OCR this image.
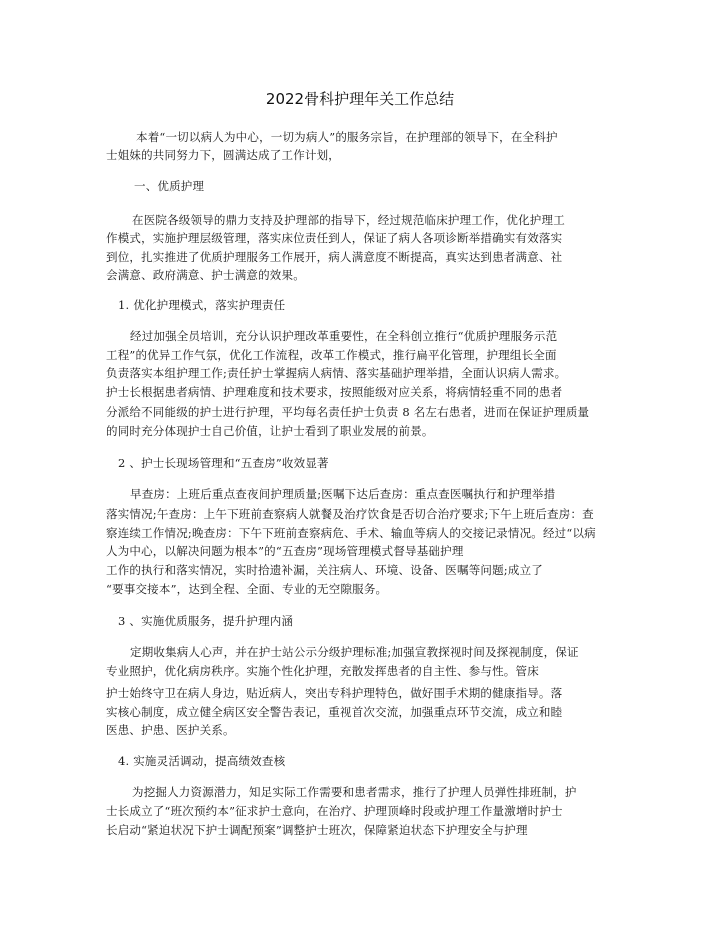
2022骨科护理年关工作总结
本着“一切以病人为中心，一切为病人”的服务宗旨，在护理部的领导下，在全科护
士姐妹的共同努力下，圆满达成了工作计划，
一、优质护理
在医院各级领导的鼎力支持及护理部的指导下，经过规范临床护理工作，优化护理工
作模式，实施护理层级管理，落实床位责任到人，保证了病人各项诊断举措确实有效落实
到位，扎实推进了优质护理服务工作展开，病人满意度不断提高，真实达到患者满意、社
会满意、政府满意、护士满意的效果。
1. 优化护理模式，落实护理责任
经过加强全员培训，充分认识护理改革重要性，在全科创立推行“优质护理服务示范
工程”的优异工作气氛，优化工作流程，改革工作模式，推行扁平化管理，护理组长全面
负责落实本组护理工作;责任护士掌握病人病情、落实基础护理举措，全面认识病人需求。
护士长根据患者病情、护理难度和技术要求，按照能级对应关系，将病情轻重不同的患者
分派给不同能级的护士进行护理，平均每名责任护士负责 8 名左右患者，进而在保证护理质量
的同时充分体现护士自己价值，让护士看到了职业发展的前景。
2 、护士长现场管理和“五查房”收效显著
早查房：上班后重点查夜间护理质量;医嘱下达后查房：重点查医嘱执行和护理举措
落实情况;午查房：上午下班前查察病人就餐及治疗饮食是否切合治疗要求;下午上班后查房：查
察连续工作情况;晚查房：下午下班前查察病危、手术、输血等病人的交接记录情况。经过“以病
人为中心，以解决问题为根本”的“五查房”现场管理模式督导基础护理
工作的执行和落实情况，实时拾遗补漏，关注病人、环境、设备、医嘱等问题;成立了
“要事交接本”，达到全程、全面、专业的无空隙服务。
3 、实施优质服务，提升护理内涵
定期收集病人心声，并在护士站公示分级护理标准;加强宣教探视时间及探视制度，保证
专业照护，优化病房秩序。实施个性化护理，充散发挥患者的自主性、参与性。管床
护士始终守卫在病人身边，贴近病人，突出专科护理特色，做好围手术期的健康指导。落
实核心制度，成立健全病区安全警告表记，重视首次交流，加强重点环节交流，成立和睦
医患、护患、医护关系。
4. 实施灵活调动，提高绩效查核
为挖掘人力资源潜力，知足实际工作需要和患者需求，推行了护理人员弹性排班制，护
士长成立了“班次预约本”征求护士意向，在治疗、护理顶峰时段或护理工作量激增时护士
长启动“紧迫状况下护士调配预案”调整护士班次，保障紧迫状态下护理安全与护理
